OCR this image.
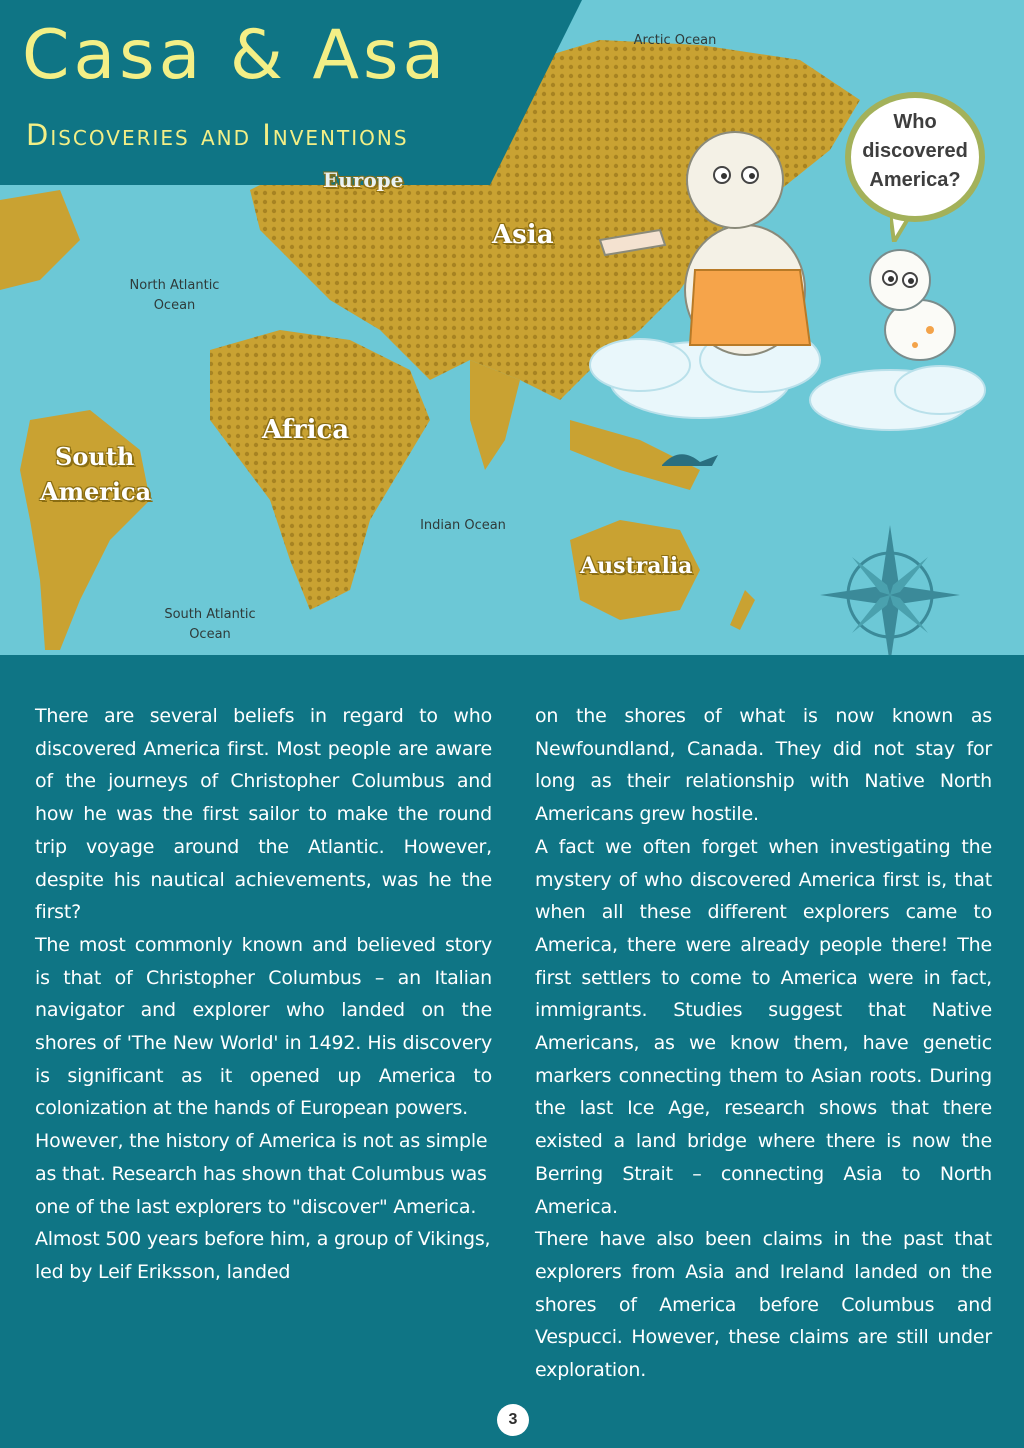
Arctic Ocean
North Atlantic
Ocean
Indian Ocean
South Atlantic
Ocean
Asia
Africa
South
America
Australia
Europe
Casa & Asa
Discoveries and Inventions	Who discovered America?

There are several beliefs in regard to who discovered America first. Most people are aware of the journeys of Christopher Columbus and how he was the first sailor to make the round trip voyage around the Atlantic. However, despite his nautical achievements, was he the first?

The most commonly known and believed story is that of Christopher Columbus – an Italian navigator and explorer who landed on the shores of 'The New World' in 1492. His discovery is significant as it opened up America to colonization at the hands of European powers.

However, the history of America is not as simple as that. Research has shown that Columbus was one of the last explorers to "discover" America. Almost 500 years before him, a group of Vikings, led by Leif Eriksson, landed

on the shores of what is now known as Newfoundland, Canada. They did not stay for long as their relationship with Native North Americans grew hostile.

A fact we often forget when investigating the mystery of who discovered America first is, that when all these different explorers came to America, there were already people there! The first settlers to come to America were in fact, immigrants. Studies suggest that Native Americans, as we know them, have genetic markers connecting them to Asian roots. During the last Ice Age, research shows that there existed a land bridge where there is now the Berring Strait – connecting Asia to North America.

There have also been claims in the past that explorers from Asia and Ireland landed on the shores of America before Columbus and Vespucci. However, these claims are still under exploration.

3
